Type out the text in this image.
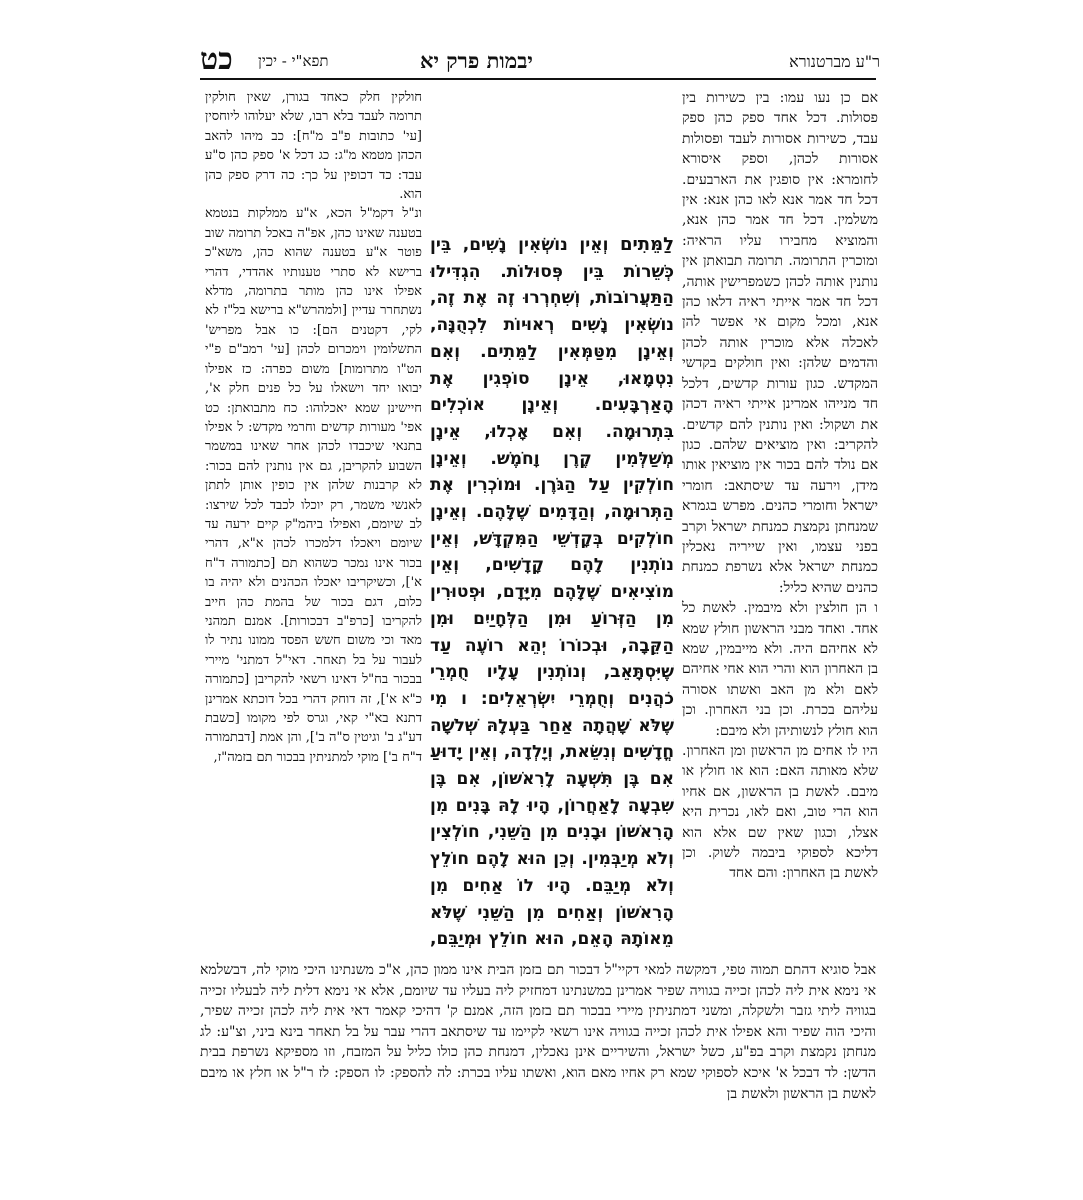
כט תפא"י - יכין	יבמות פרק יא	ר"ע מברטנורא

אם כן נעו עמו: בין כשירות בין פסולות. דכל אחד ספק כהן ספק עבד, כשירות אסורות לעבד ופסולות אסורות לכהן, וספק איסורא לחומרא: אין סופגין את הארבעים. דכל חד אמר אנא לאו כהן אנא: אין משלמין. דכל חד אמר כהן אנא, והמוציא מחבירו עליו הראיה: ומוכרין התרומה. תרומה תבואתן אין נותנין אותה לכהן כשמפרישין אותה, דכל חד אמר אייתי ראיה דלאו כהן אנא, ומכל מקום אי אפשר להן לאכלה אלא מוכרין אותה לכהן והדמים שלהן: ואין חולקים בקדשי המקדש. כגון עורות קדשים, דלכל חד מנייהו אמרינן אייתי ראיה דכהן את ושקול: ואין נותנין להם קדשים. להקריב: ואין מוציאים שלהם. כגון אם נולד להם בכור אין מוציאין אותו מידן, וירעה עד שיסתאב: חומרי ישראל וחומרי כהנים. מפרש בגמרא שמנחתן נקמצת כמנחת ישראל וקרב בפני עצמו, ואין שייריה נאכלין כמנחת ישראל אלא נשרפת כמנחת כהנים שהיא כליל:

ו הן חולצין ולא מיבמין. לאשת כל אחד. ואחד מבני הראשון חולץ שמא לא אחיהם היה. ולא מייבמין, שמא בן האחרון הוא והרי הוא אחי אחיהם לאם ולא מן האב ואשתו אסורה עליהם בכרת. וכן בני האחרון. וכן הוא חולץ לנשותיהן ולא מיבם:

היו לו אחים מן הראשון ומן האחרון. שלא מאותה האם: הוא או חולץ או מיבם. לאשת בן הראשון, אם אחיו הוא הרי טוב, ואם לאו, נכרית היא אצלו, וכגון שאין שם אלא הוא דליכא לספוקי ביבמה לשוק. וכן לאשת בן האחרון: והם אחד

חולקין חלק כאחד בגורן, שאין חולקין תרומה לעבד בלא רבו, שלא יעלוהו ליוחסין [עי' כתובות פ"ב מ"ח]: כב מיהו להאב הכהן מטמא מ"ג: כג דכל א' ספק כהן ס"ע עבד: כד דכופין על כך: כה דרק ספק כהן הוא.

ונ"ל דקמ"ל הכא, א"ע ממלקות בנטמא בטענה שאינו כהן, אפ"ה באכל תרומה שוב פוטר א"ע בטענה שהוא כהן, משא"כ ברישא לא סתרי טענותיו אהדדי, דהרי אפילו אינו כהן מותר בתרומה, מדלא נשתחרר עדיין [ולמהרש"א ברישא בל"ז לא לקי, דקטנים הם]: כו אבל מפריש' התשלומין וימכרום לכהן [עי' רמב"ם פ"י הט"ו מתרומות] משום כפרה: כז אפילו יבואו יחד וישאלו על כל פנים חלק א', חיישינן שמא יאכלוהו: כח מתבואתן: כט אפי' מעורות קדשים וחרמי מקדש: ל אפילו בתנאי שיכבדו לכהן אחר שאינו במשמר השבוע להקריבן, גם אין נותנין להם בכור: לא קרבנות שלהן אין כופין אותן לתתן לאנשי משמר, רק יוכלו לכבד לכל שירצו: לב שיומם, ואפילו ביהמ"ק קיים ירעה עד שיומם ויאכלו דלמכרו לכהן א"א, דהרי בכור אינו נמכר כשהוא תם [כתמורה ד"ח א'], וכשיקריבו יאכלו הכהנים ולא יהיה בו כלום, דגם בכור של בהמת כהן חייב להקריבו [כרפ"ב דבכורות]. אמנם תמהני מאד וכי משום חשש הפסד ממונו נתיר לו לעבור על בל תאחר. דאי"ל דמתני' מיירי בבכור בח"ל דאינו רשאי להקריבן [כתמורה כ"א א'], זה דוחק דהרי בכל דוכתא אמרינן דתנא בא"י קאי, וגרס לפי מקומו [כשבת דע"ג ב' וגיטין ס"ה ב'], והן אמת [דבתמורה ד"ח ב'] מוקי למתניתין בבכור תם בזמה"ז,

לַמֵּתִים וְאֵין נוֹשְׂאִין נָשִׁים, בֵּין כְּשֵׁרוֹת בֵּין פְּסוּלוֹת. הִגְדִּילוּ הַתַּעֲרוֹבוֹת, וְשִׁחְרְרוּ זֶה אֶת זֶה, נוֹשְׂאִין נָשִׁים רְאוּיוֹת לִכְהֻנָּה, וְאֵינָן מִטַּמְּאִין לַמֵּתִים. וְאִם נִטְמָאוּ, אֵינָן סוֹפְגִין אֶת הָאַרְבָּעִים. וְאֵינָן אוֹכְלִים בִּתְרוּמָה. וְאִם אָכְלוּ, אֵינָן מְשַׁלְּמִין קֶרֶן וָחֹמֶשׁ. וְאֵינָן חוֹלְקִין עַל הַגֹּרֶן. וּמוֹכְרִין אֶת הַתְּרוּמָה, וְהַדָּמִים שֶׁלָּהֶם. וְאֵינָן חוֹלְקִים בְּקָדְשֵׁי הַמִּקְדָּשׁ, וְאֵין נוֹתְנִין לָהֶם קָדָשִׁים, וְאֵין מוֹצִיאִים שֶׁלָּהֶם מִיָּדָם, וּפְטוּרִין מִן הַזְּרוֹעַ וּמִן הַלְּחָיַיִם וּמִן הַקֵּבָה, וּבְכוֹרוֹ יְהֵא רוֹעֶה עַד שֶׁיִּסְתָּאֵב, וְנוֹתְנִין עָלָיו חֻמְרֵי כֹהֲנִים וְחֻמְרֵי יִשְׂרְאֵלִים: ו מִי שֶׁלֹּא שָׁהֲתָה אַחַר בַּעְלָהּ שְׁלֹשָׁה חֳדָשִׁים וְנִשֵּׂאת, וְיָלְדָה, וְאֵין יָדוּעַ אִם בֶּן תִּשְׁעָה לָרִאשׁוֹן, אִם בֶּן שִׁבְעָה לָאַחֲרוֹן, הָיוּ לָהּ בָּנִים מִן הָרִאשׁוֹן וּבָנִים מִן הַשֵּׁנִי, חוֹלְצִין וְלֹא מְיַבְּמִין. וְכֵן הוּא לָהֶם חוֹלֵץ וְלֹא מְיַבֵּם. הָיוּ לוֹ אַחִים מִן הָרִאשׁוֹן וְאַחִים מִן הַשֵּׁנִי שֶׁלֹּא מֵאוֹתָהּ הָאֵם, הוּא חוֹלֵץ וּמְיַבֵּם,

אבל סוגיא דהתם תמוה טפי, דמקשה למאי דקיי"ל דבכור תם בזמן הבית אינו ממון כהן, א"כ משנתינו היכי מוקי לה, דבשלמא אי נימא אית ליה לכהן זכייה בגוויה שפיר אמרינן במשנתינו דמחזיק ליה בעליו עד שיומם, אלא אי נימא דלית ליה לבעליו זכייה בגוויה ליתי גזבר ולשקלה, ומשני דמתניתין מיירי בבכור תם בזמן הזה, אמנם ק' דהיכי קאמר דאי אית ליה לכהן זכייה שפיר, והיכי הוה שפיר והא אפילו אית לכהן זכייה בגוויה אינו רשאי לקיימו עד שיסתאב דהרי עבר על בל תאחר בינא ביני, וצ"ע: לג מנחתן נקמצת וקרב בפ"ע, כשל ישראל, והשיריים אינן נאכלין, דמנחת כהן כולו כליל על המזבח, וזו מספיקא נשרפת בבית הדשן: לד דבכל א' איכא לספוקי שמא רק אחיו מאם הוא, ואשתו עליו בכרת: לה להספק: לו הספק: לז ר"ל או חלץ או מיבם לאשת בן הראשון ולאשת בן
